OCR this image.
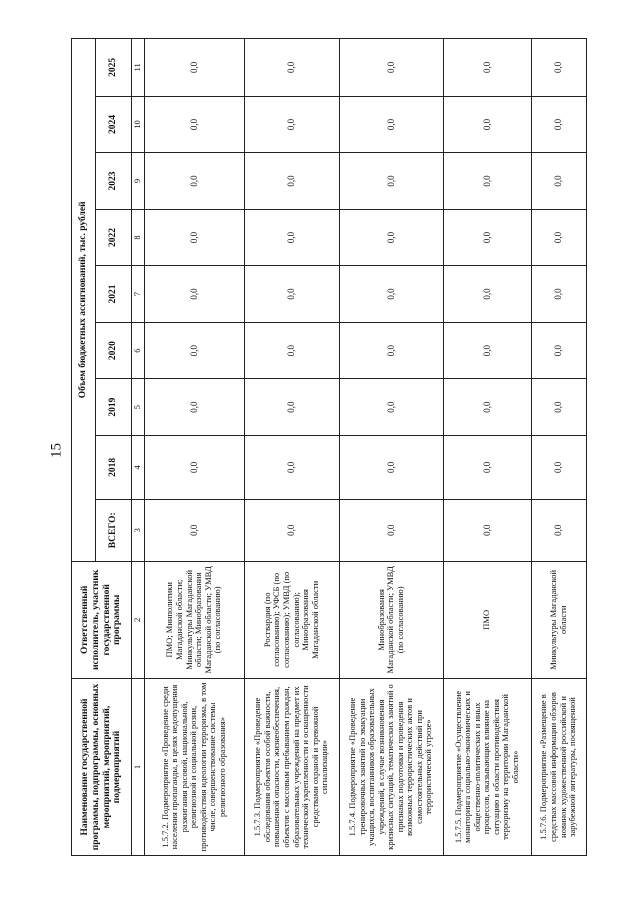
15
Наименование государственной программы, подпрограммы, основных мероприятий, мероприятий, подмероприятий	Ответственный исполнитель, участник государственной программы	Объем бюджетных ассигнований, тыс. рублей								
		ВСЕГО:	2018	2019	2020	2021	2022	2023	2024	2025
1	2	3	4	5	6	7	8	9	10	11
1.5.7.2. Подмероприятие «Проведение среди населения пропаганды, в целях недопущения разжигания расовой, национальной, религиозной и социальной розни, противодействия идеологии терроризма, в том числе, совершенствование системы религиозного образования»	ПМО; Минполитики Магаданской области; Минкультуры Магаданской области; Минобразования Магаданской области; УМВД (по согласованию)	0,0	0,0	0,0	0,0	0,0	0,0	0,0	0,0	0,0
1.5.7.3. Подмероприятие «Проведение обследования объектов особой важности, повышенной опасности, жизнеобеспечения, объектов с массовым пребыванием граждан, образовательных учреждений на предмет их технической укрепленности и оснащенности средствами охраной и тревожной сигнализации»	Росгвардия (по согласованию); УФСБ (по согласованию); УМВД (по согласованию); Минобразования Магаданской области	0,0	0,0	0,0	0,0	0,0	0,0	0,0	0,0	0,0
1.5.7.4. Подмероприятие «Проведение тренировочных занятий по эвакуации учащихся, воспитанников образовательных учреждений, в случае возникновения кризисных ситуаций, тематических занятий о признаках подготовки и проведения возможных террористических актов и самостоятельных действий при террористической угрозе»	Минобразования Магаданской области; УМВД (по согласованию)	0,0	0,0	0,0	0,0	0,0	0,0	0,0	0,0	0,0
1.5.7.5. Подмероприятие «Осуществление мониторинга социально-экономических и общественно-политических и иных процессов, оказывающих влияние на ситуацию в области противодействия терроризму на территории Магаданской области»	ПМО	0,0	0,0	0,0	0,0	0,0	0,0	0,0	0,0	0,0
1.5.7.6. Подмероприятие «Размещение в средствах массовой информации обзоров новинок художественной российской и зарубежной литературы, посвященной	Минкультуры Магаданской области	0,0	0,0	0,0	0,0	0,0	0,0	0,0	0,0	0,0
